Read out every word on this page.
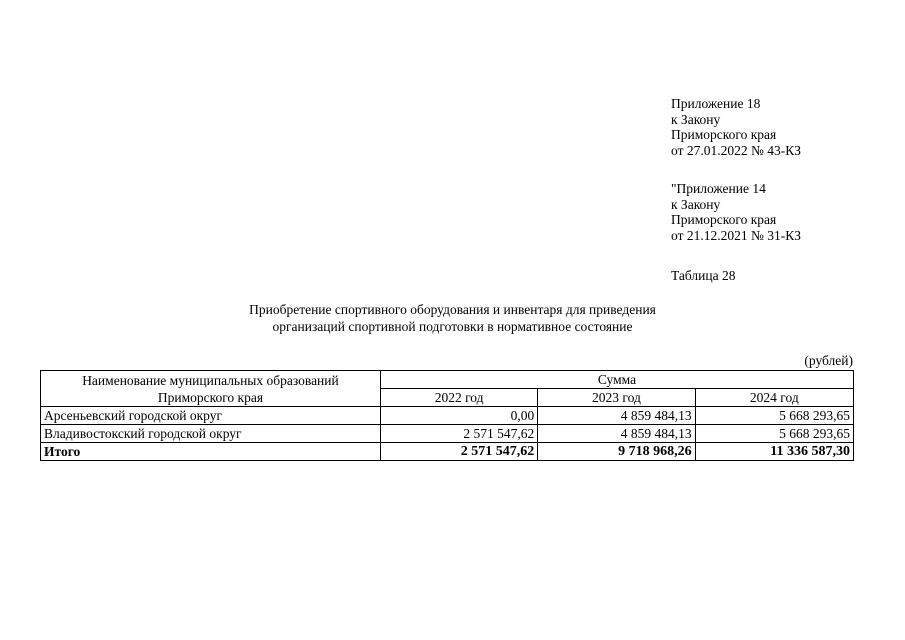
Приложение 18
к Закону
Приморского края
от 27.01.2022 № 43-КЗ
"Приложение 14
к Закону
Приморского края
от 21.12.2021 № 31-КЗ
Таблица 28
Приобретение спортивного оборудования и инвентаря для приведения
организаций спортивной подготовки в нормативное состояние
(рублей)
Наименование муниципальных образований
Приморского края	Сумма		
	2022 год	2023 год	2024 год
Арсеньевский городской округ	0,00	4 859 484,13	5 668 293,65
Владивостокский городской округ	2 571 547,62	4 859 484,13	5 668 293,65
Итого	2 571 547,62	9 718 968,26	11 336 587,30
